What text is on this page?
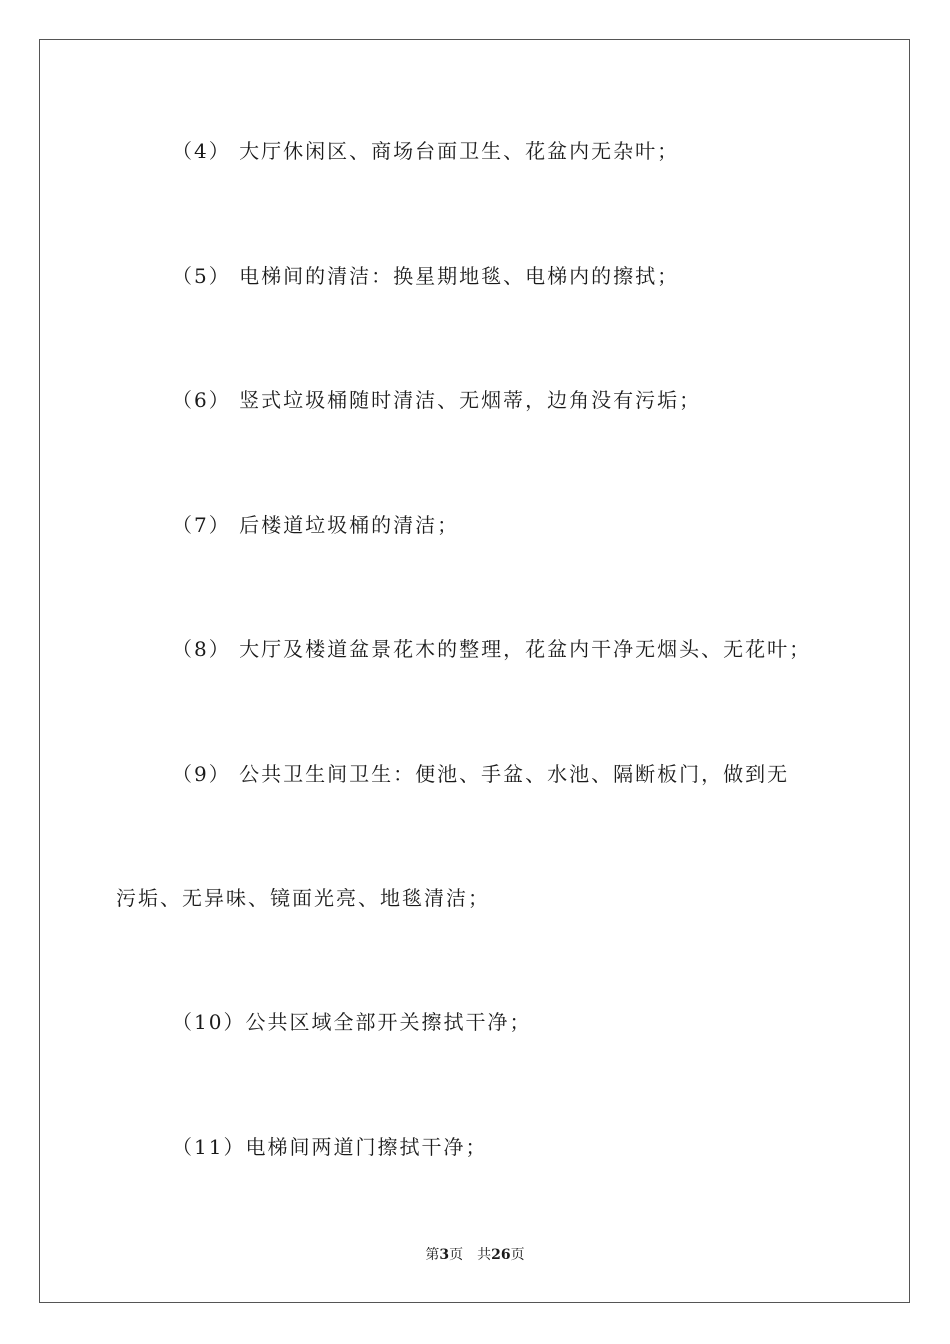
（4） 大厅休闲区、商场台面卫生、花盆内无杂叶；
（5） 电梯间的清洁：换星期地毯、电梯内的擦拭；
（6） 竖式垃圾桶随时清洁、无烟蒂，边角没有污垢；
（7） 后楼道垃圾桶的清洁；
（8） 大厅及楼道盆景花木的整理，花盆内干净无烟头、无花叶；
（9） 公共卫生间卫生：便池、手盆、水池、隔断板门，做到无
污垢、无异味、镜面光亮、地毯清洁；
（10）公共区域全部开关擦拭干净；
（11）电梯间两道门擦拭干净；
第3页 共26页
